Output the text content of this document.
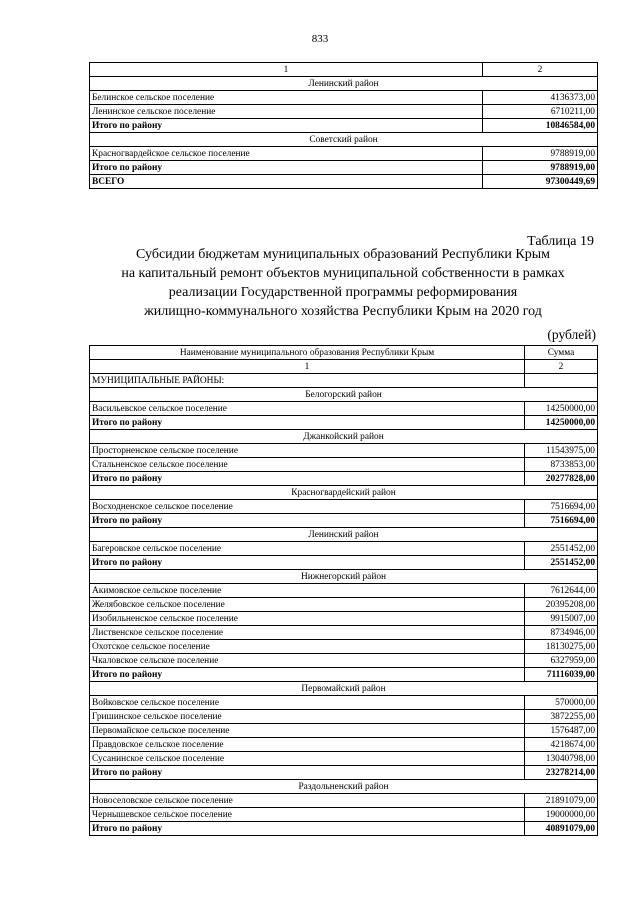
833
1	2
Ленинский район	
Белинское сельское поселение	4136373,00
Ленинское сельское поселение	6710211,00
Итого по району	10846584,00
Советский район	
Красногвардейское сельское поселение	9788919,00
Итого по району	9788919,00
ВСЕГО	97300449,69
Таблица 19
Субсидии бюджетам муниципальных образований Республики Крым
на капитальный ремонт объектов муниципальной собственности в рамках
реализации Государственной программы реформирования
жилищно-коммунального хозяйства Республики Крым на 2020 год
(рублей)
Наименование муниципального образования Республики Крым	Сумма
1	2
МУНИЦИПАЛЬНЫЕ РАЙОНЫ:	
Белогорский район	
Васильевское сельское поселение	14250000,00
Итого по району	14250000,00
Джанкойский район	
Просторненское сельское поселение	11543975,00
Стальненское сельское поселение	8733853,00
Итого по району	20277828,00
Красногвардейский район	
Восходненское сельское поселение	7516694,00
Итого по району	7516694,00
Ленинский район	
Багеровское сельское поселение	2551452,00
Итого по району	2551452,00
Нижнегорский район	
Акимовское сельское поселение	7612644,00
Желябовское сельское поселение	20395208,00
Изобильненское сельское поселение	9915007,00
Лиственское сельское поселение	8734946,00
Охотское сельское поселение	18130275,00
Чкаловское сельское поселение	6327959,00
Итого по району	71116039,00
Первомайский район	
Войковское сельское поселение	570000,00
Гришинское сельское поселение	3872255,00
Первомайское сельское поселение	1576487,00
Правдовское сельское поселение	4218674,00
Сусанинское сельское поселение	13040798,00
Итого по району	23278214,00
Раздольненский район	
Новоселовское сельское поселение	21891079,00
Чернышевское сельское поселение	19000000,00
Итого по району	40891079,00
